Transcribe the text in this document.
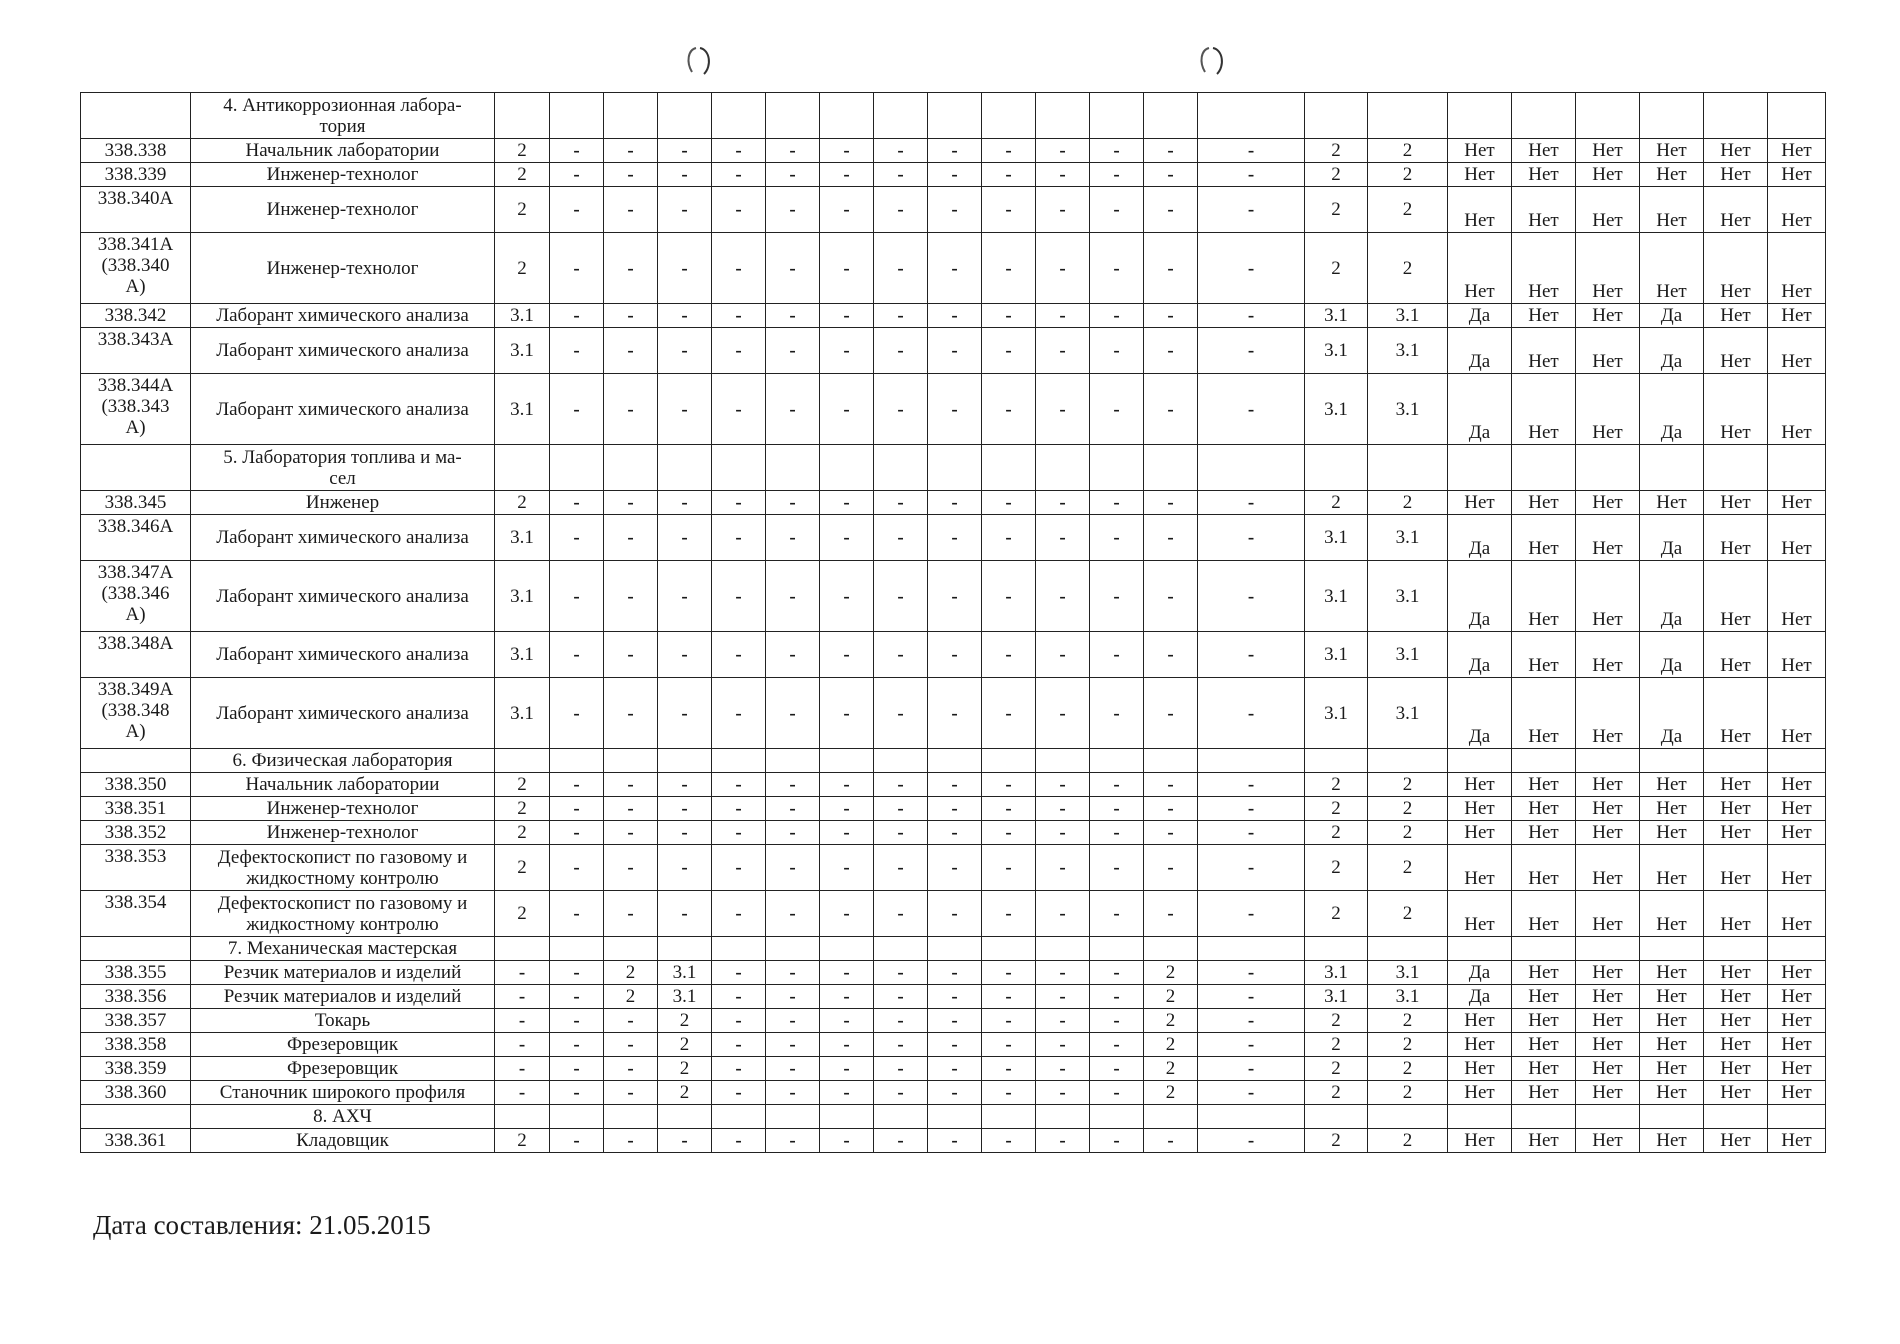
	4. Антикоррозионная лабора-
тория																						
338.338	Начальник лаборатории	2	-	-	-	-	-	-	-	-	-	-	-	-	-	2	2	Нет	Нет	Нет	Нет	Нет	Нет
338.339	Инженер-технолог	2	-	-	-	-	-	-	-	-	-	-	-	-	-	2	2	Нет	Нет	Нет	Нет	Нет	Нет
338.340А	Инженер-технолог	2	-	-	-	-	-	-	-	-	-	-	-	-	-	2	2	Нет	Нет	Нет	Нет	Нет	Нет
338.341А
(338.340
А)	Инженер-технолог	2	-	-	-	-	-	-	-	-	-	-	-	-	-	2	2	Нет	Нет	Нет	Нет	Нет	Нет
338.342	Лаборант химического анализа	3.1	-	-	-	-	-	-	-	-	-	-	-	-	-	3.1	3.1	Да	Нет	Нет	Да	Нет	Нет
338.343А	Лаборант химического анализа	3.1	-	-	-	-	-	-	-	-	-	-	-	-	-	3.1	3.1	Да	Нет	Нет	Да	Нет	Нет
338.344А
(338.343
А)	Лаборант химического анализа	3.1	-	-	-	-	-	-	-	-	-	-	-	-	-	3.1	3.1	Да	Нет	Нет	Да	Нет	Нет
	5. Лаборатория топлива и ма-
сел																						
338.345	Инженер	2	-	-	-	-	-	-	-	-	-	-	-	-	-	2	2	Нет	Нет	Нет	Нет	Нет	Нет
338.346А	Лаборант химического анализа	3.1	-	-	-	-	-	-	-	-	-	-	-	-	-	3.1	3.1	Да	Нет	Нет	Да	Нет	Нет
338.347А
(338.346
А)	Лаборант химического анализа	3.1	-	-	-	-	-	-	-	-	-	-	-	-	-	3.1	3.1	Да	Нет	Нет	Да	Нет	Нет
338.348А	Лаборант химического анализа	3.1	-	-	-	-	-	-	-	-	-	-	-	-	-	3.1	3.1	Да	Нет	Нет	Да	Нет	Нет
338.349А
(338.348
А)	Лаборант химического анализа	3.1	-	-	-	-	-	-	-	-	-	-	-	-	-	3.1	3.1	Да	Нет	Нет	Да	Нет	Нет
	6. Физическая лаборатория																						
338.350	Начальник лаборатории	2	-	-	-	-	-	-	-	-	-	-	-	-	-	2	2	Нет	Нет	Нет	Нет	Нет	Нет
338.351	Инженер-технолог	2	-	-	-	-	-	-	-	-	-	-	-	-	-	2	2	Нет	Нет	Нет	Нет	Нет	Нет
338.352	Инженер-технолог	2	-	-	-	-	-	-	-	-	-	-	-	-	-	2	2	Нет	Нет	Нет	Нет	Нет	Нет
338.353	Дефектоскопист по газовому и
жидкостному контролю	2	-	-	-	-	-	-	-	-	-	-	-	-	-	2	2	Нет	Нет	Нет	Нет	Нет	Нет
338.354	Дефектоскопист по газовому и
жидкостному контролю	2	-	-	-	-	-	-	-	-	-	-	-	-	-	2	2	Нет	Нет	Нет	Нет	Нет	Нет
	7. Механическая мастерская																						
338.355	Резчик материалов и изделий	-	-	2	3.1	-	-	-	-	-	-	-	-	2	-	3.1	3.1	Да	Нет	Нет	Нет	Нет	Нет
338.356	Резчик материалов и изделий	-	-	2	3.1	-	-	-	-	-	-	-	-	2	-	3.1	3.1	Да	Нет	Нет	Нет	Нет	Нет
338.357	Токарь	-	-	-	2	-	-	-	-	-	-	-	-	2	-	2	2	Нет	Нет	Нет	Нет	Нет	Нет
338.358	Фрезеровщик	-	-	-	2	-	-	-	-	-	-	-	-	2	-	2	2	Нет	Нет	Нет	Нет	Нет	Нет
338.359	Фрезеровщик	-	-	-	2	-	-	-	-	-	-	-	-	2	-	2	2	Нет	Нет	Нет	Нет	Нет	Нет
338.360	Станочник широкого профиля	-	-	-	2	-	-	-	-	-	-	-	-	2	-	2	2	Нет	Нет	Нет	Нет	Нет	Нет
	8. АХЧ																						
338.361	Кладовщик	2	-	-	-	-	-	-	-	-	-	-	-	-	-	2	2	Нет	Нет	Нет	Нет	Нет	Нет
Дата составления: 21.05.2015
